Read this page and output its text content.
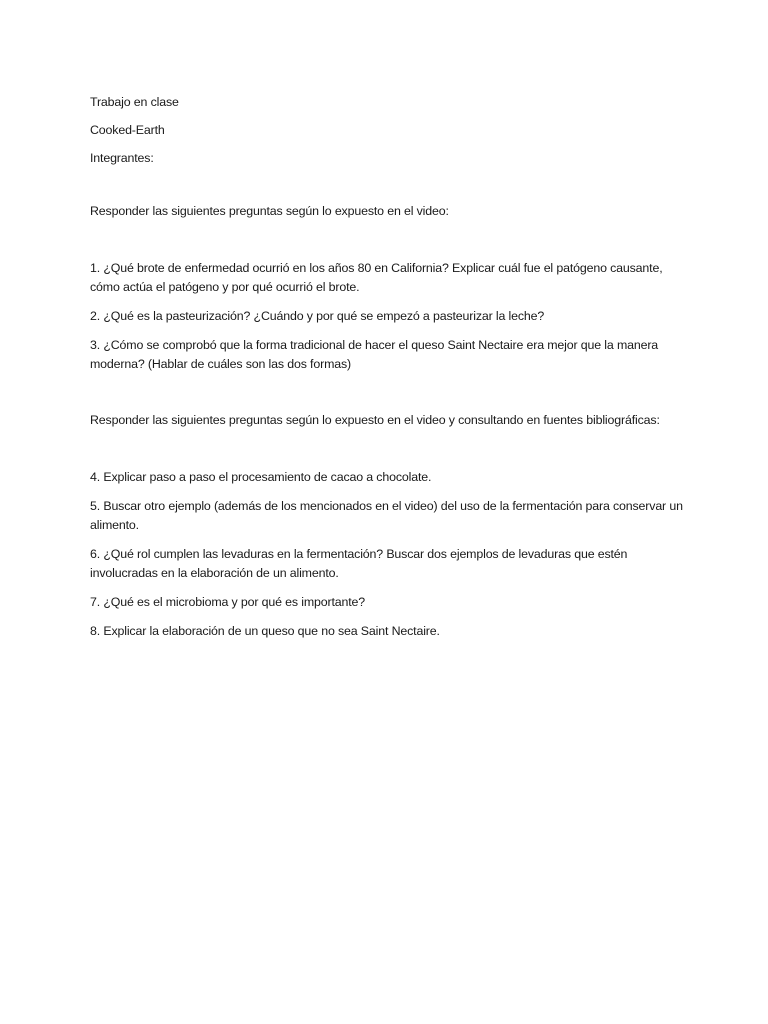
Trabajo en clase

Cooked-Earth

Integrantes:

Responder las siguientes preguntas según lo expuesto en el video:

1. ¿Qué brote de enfermedad ocurrió en los años 80 en California? Explicar cuál fue el patógeno causante, cómo actúa el patógeno y por qué ocurrió el brote.

2. ¿Qué es la pasteurización? ¿Cuándo y por qué se empezó a pasteurizar la leche?

3. ¿Cómo se comprobó que la forma tradicional de hacer el queso Saint Nectaire era mejor que la manera moderna? (Hablar de cuáles son las dos formas)

Responder las siguientes preguntas según lo expuesto en el video y consultando en fuentes bibliográficas:

4. Explicar paso a paso el procesamiento de cacao a chocolate.

5. Buscar otro ejemplo (además de los mencionados en el video) del uso de la fermentación para conservar un alimento.

6. ¿Qué rol cumplen las levaduras en la fermentación? Buscar dos ejemplos de levaduras que estén involucradas en la elaboración de un alimento.

7. ¿Qué es el microbioma y por qué es importante?

8. Explicar la elaboración de un queso que no sea Saint Nectaire.
